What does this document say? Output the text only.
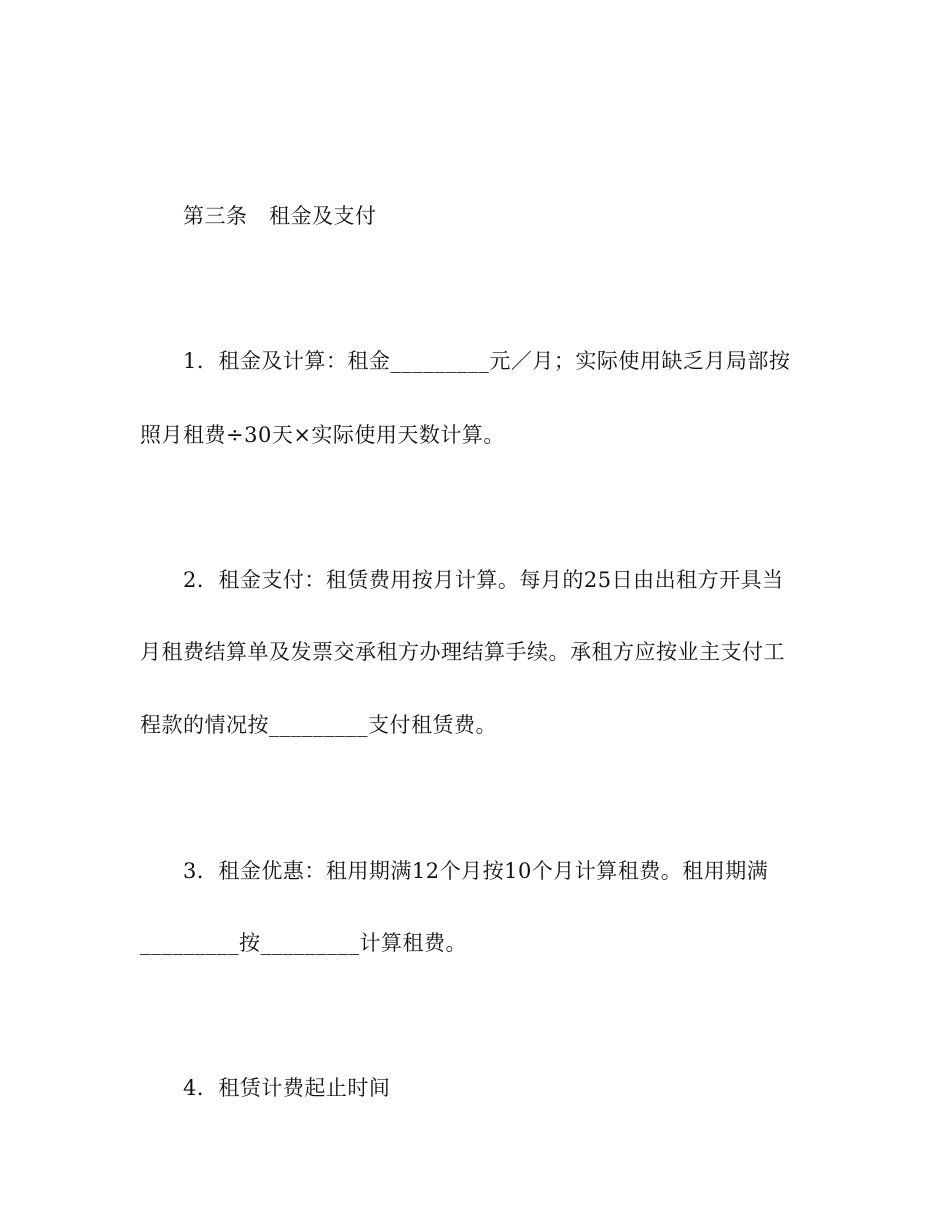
第三条　租金及支付
1．租金及计算：租金_________元／月；实际使用缺乏月局部按
照月租费÷30天×实际使用天数计算。
2．租金支付：租赁费用按月计算。每月的25日由出租方开具当
月租费结算单及发票交承租方办理结算手续。承租方应按业主支付工
程款的情况按_________支付租赁费。
3．租金优惠：租用期满12个月按10个月计算租费。租用期满
_________按_________计算租费。
4．租赁计费起止时间
